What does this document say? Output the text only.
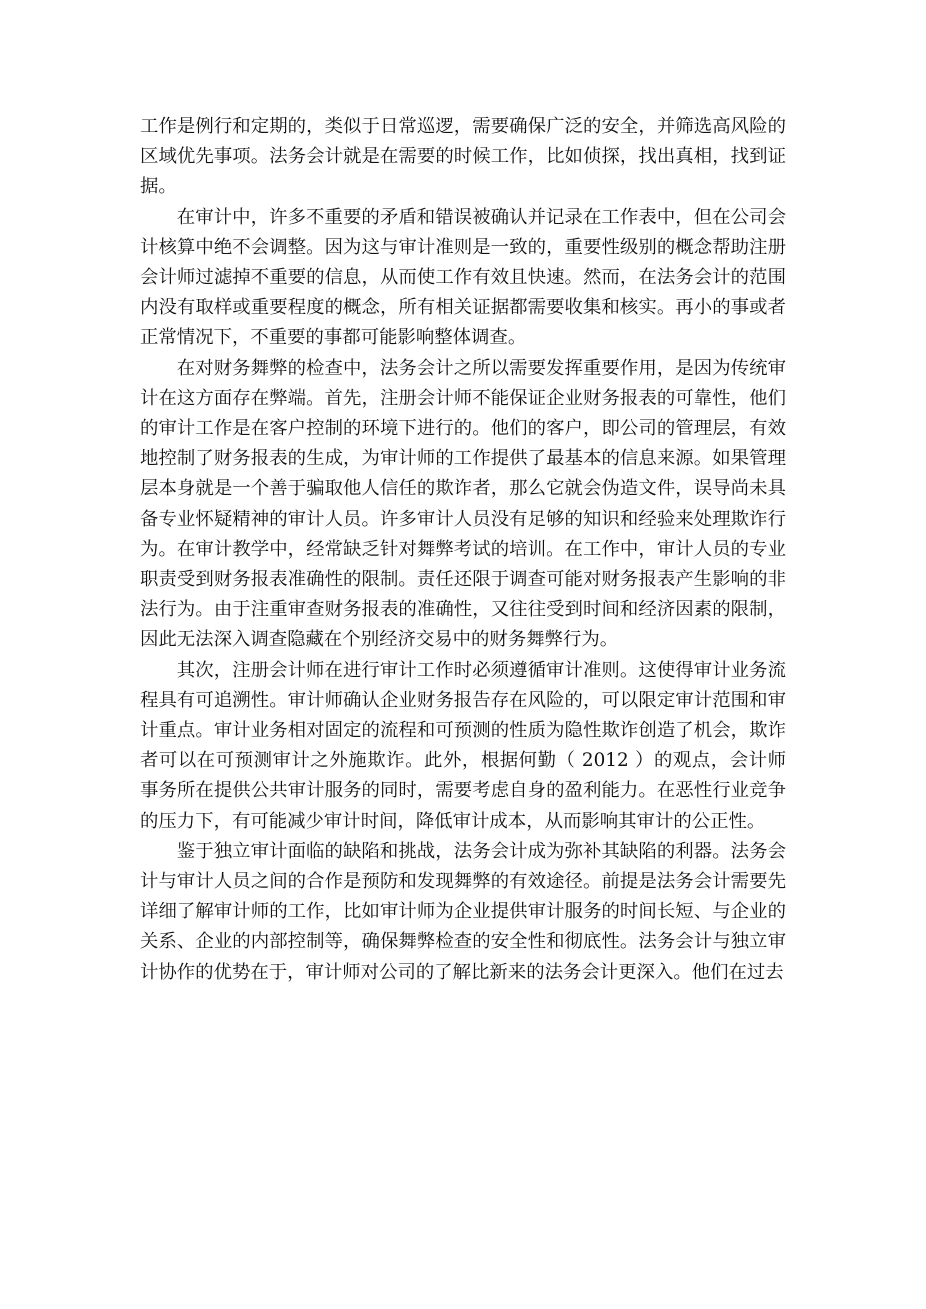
工作是例行和定期的，类似于日常巡逻，需要确保广泛的安全，并筛选高风险的区域优先事项。法务会计就是在需要的时候工作，比如侦探，找出真相，找到证据。

在审计中，许多不重要的矛盾和错误被确认并记录在工作表中，但在公司会计核算中绝不会调整。因为这与审计准则是一致的，重要性级别的概念帮助注册会计师过滤掉不重要的信息，从而使工作有效且快速。然而，在法务会计的范围内没有取样或重要程度的概念，所有相关证据都需要收集和核实。再小的事或者正常情况下，不重要的事都可能影响整体调查。

在对财务舞弊的检查中，法务会计之所以需要发挥重要作用，是因为传统审计在这方面存在弊端。首先，注册会计师不能保证企业财务报表的可靠性，他们的审计工作是在客户控制的环境下进行的。他们的客户，即公司的管理层，有效地控制了财务报表的生成，为审计师的工作提供了最基本的信息来源。如果管理层本身就是一个善于骗取他人信任的欺诈者，那么它就会伪造文件，误导尚未具备专业怀疑精神的审计人员。许多审计人员没有足够的知识和经验来处理欺诈行为。在审计教学中，经常缺乏针对舞弊考试的培训。在工作中，审计人员的专业职责受到财务报表准确性的限制。责任还限于调查可能对财务报表产生影响的非法行为。由于注重审查财务报表的准确性，又往往受到时间和经济因素的限制，因此无法深入调查隐藏在个别经济交易中的财务舞弊行为。

其次，注册会计师在进行审计工作时必须遵循审计准则。这使得审计业务流程具有可追溯性。审计师确认企业财务报告存在风险的，可以限定审计范围和审计重点。审计业务相对固定的流程和可预测的性质为隐性欺诈创造了机会，欺诈者可以在可预测审计之外施欺诈。此外，根据何勤（ 2012 ）的观点，会计师事务所在提供公共审计服务的同时，需要考虑自身的盈利能力。在恶性行业竞争的压力下，有可能减少审计时间，降低审计成本，从而影响其审计的公正性。

鉴于独立审计面临的缺陷和挑战，法务会计成为弥补其缺陷的利器。法务会计与审计人员之间的合作是预防和发现舞弊的有效途径。前提是法务会计需要先详细了解审计师的工作，比如审计师为企业提供审计服务的时间长短、与企业的关系、企业的内部控制等，确保舞弊检查的安全性和彻底性。法务会计与独立审计协作的优势在于，审计师对公司的了解比新来的法务会计更深入。他们在过去
